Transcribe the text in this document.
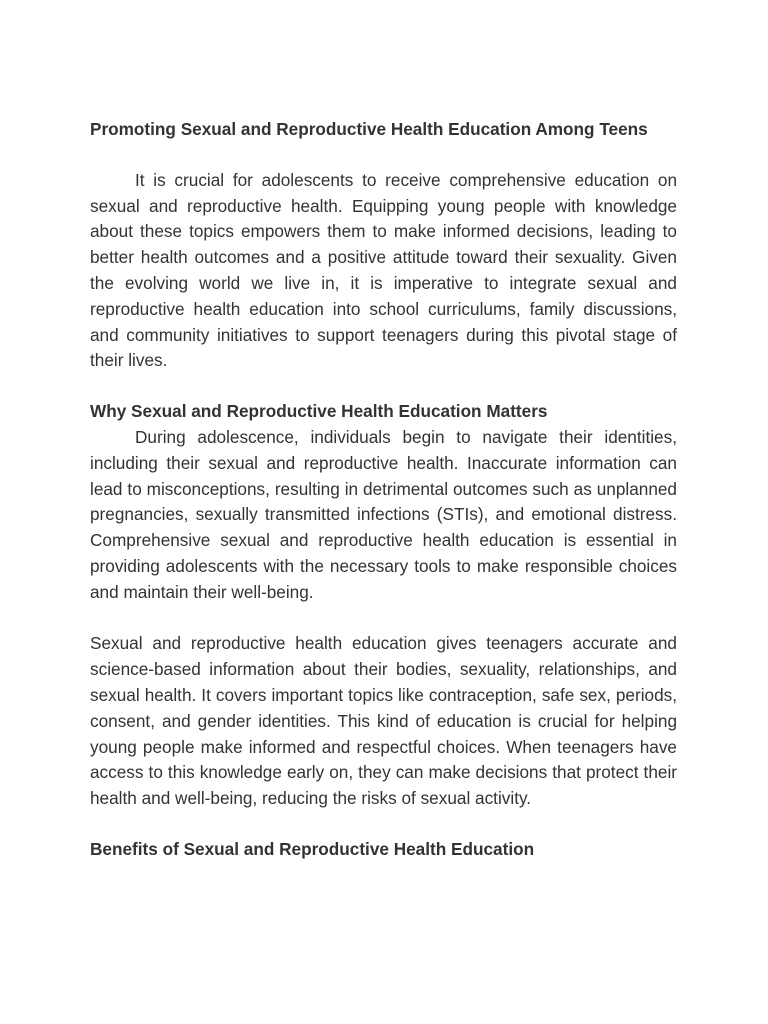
Promoting Sexual and Reproductive Health Education Among Teens

It is crucial for adolescents to receive comprehensive education on sexual and reproductive health. Equipping young people with knowledge about these topics empowers them to make informed decisions, leading to better health outcomes and a positive attitude toward their sexuality. Given the evolving world we live in, it is imperative to integrate sexual and reproductive health education into school curriculums, family discussions, and community initiatives to support teenagers during this pivotal stage of their lives.

Why Sexual and Reproductive Health Education Matters

During adolescence, individuals begin to navigate their identities, including their sexual and reproductive health. Inaccurate information can lead to misconceptions, resulting in detrimental outcomes such as unplanned pregnancies, sexually transmitted infections (STIs), and emotional distress. Comprehensive sexual and reproductive health education is essential in providing adolescents with the necessary tools to make responsible choices and maintain their well-being.

Sexual and reproductive health education gives teenagers accurate and science-based information about their bodies, sexuality, relationships, and sexual health. It covers important topics like contraception, safe sex, periods, consent, and gender identities. This kind of education is crucial for helping young people make informed and respectful choices. When teenagers have access to this knowledge early on, they can make decisions that protect their health and well-being, reducing the risks of sexual activity.

Benefits of Sexual and Reproductive Health Education
